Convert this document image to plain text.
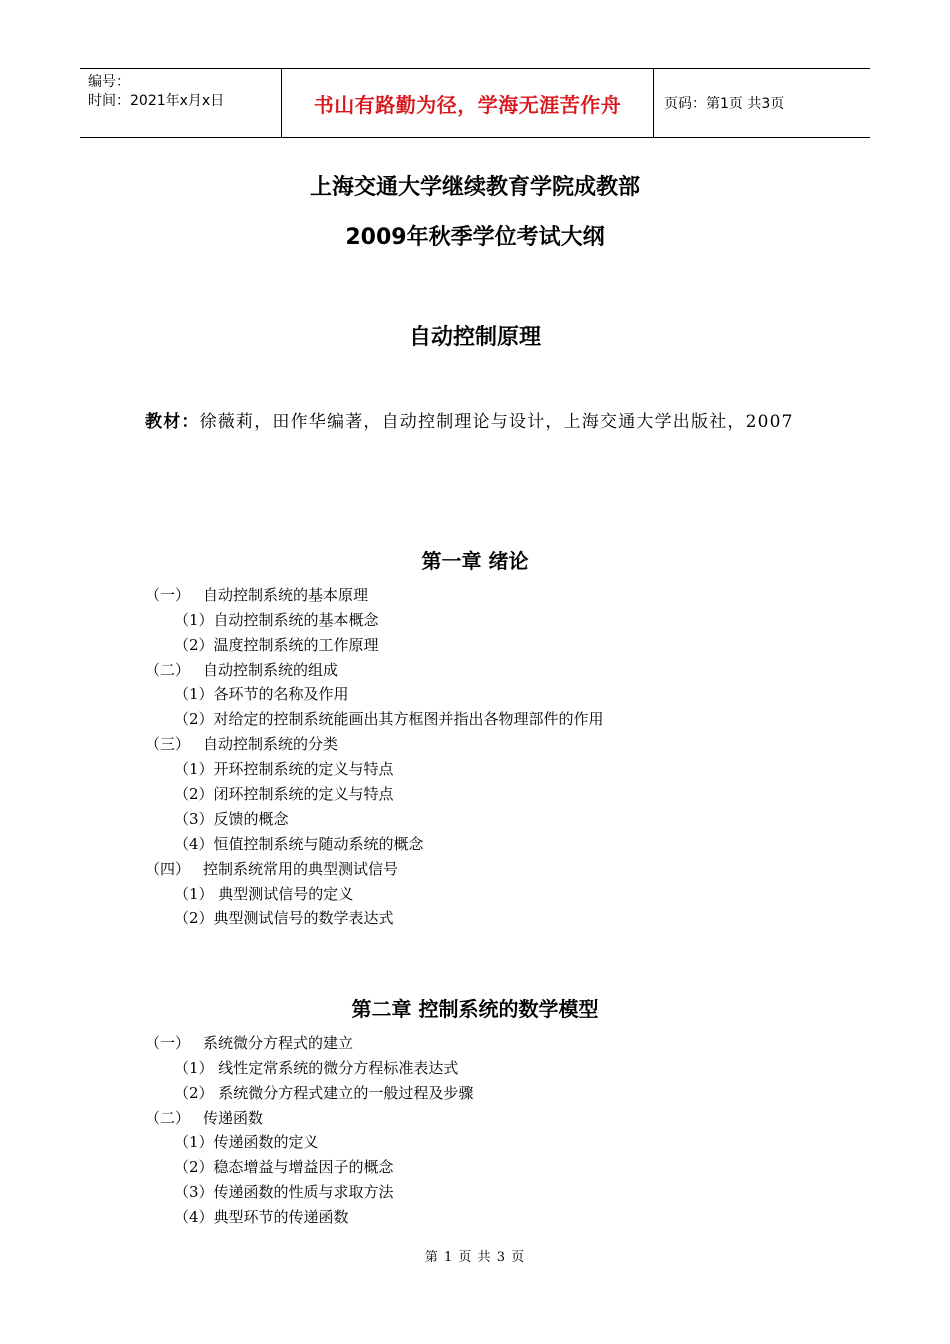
编号：
时间：2021年x月x日	书山有路勤为径，学海无涯苦作舟	页码：第1页 共3页
上海交通大学继续教育学院成教部
2009年秋季学位考试大纲
自动控制原理
教材：徐薇莉，田作华编著，自动控制理论与设计，上海交通大学出版社，2007
第一章 绪论
（一） 自动控制系统的基本原理
（1）自动控制系统的基本概念
（2）温度控制系统的工作原理
（二） 自动控制系统的组成
（1）各环节的名称及作用
（2）对给定的控制系统能画出其方框图并指出各物理部件的作用
（三） 自动控制系统的分类
（1）开环控制系统的定义与特点
（2）闭环控制系统的定义与特点
（3）反馈的概念
（4）恒值控制系统与随动系统的概念
（四） 控制系统常用的典型测试信号
（1） 典型测试信号的定义
（2）典型测试信号的数学表达式
第二章 控制系统的数学模型
（一） 系统微分方程式的建立
（1） 线性定常系统的微分方程标准表达式
（2） 系统微分方程式建立的一般过程及步骤
（二） 传递函数
（1）传递函数的定义
（2）稳态增益与增益因子的概念
（3）传递函数的性质与求取方法
（4）典型环节的传递函数
第 1 页 共 3 页
